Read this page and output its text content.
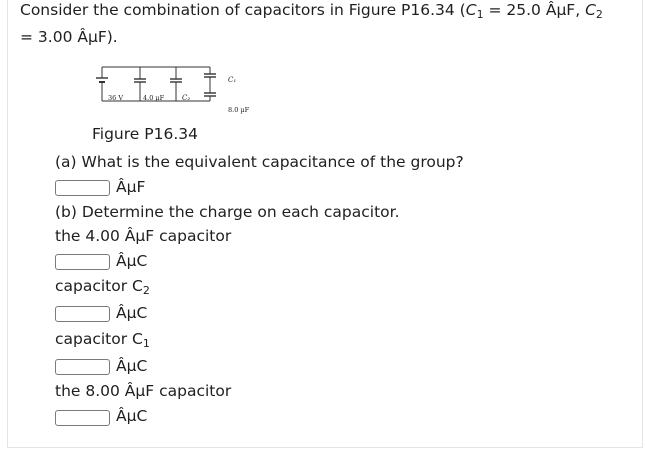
Consider the combination of capacitors in Figure P16.34 (C1 = 25.0 ÂµF, C2
= 3.00 ÂµF).
36 V	4.0 µF	C₂
C₁
8.0 µF
Figure P16.34
(a) What is the equivalent capacitance of the group?
ÂµF
(b) Determine the charge on each capacitor.
the 4.00 ÂµF capacitor
ÂµC
capacitor C2
ÂµC
capacitor C1
ÂµC
the 8.00 ÂµF capacitor
ÂµC
